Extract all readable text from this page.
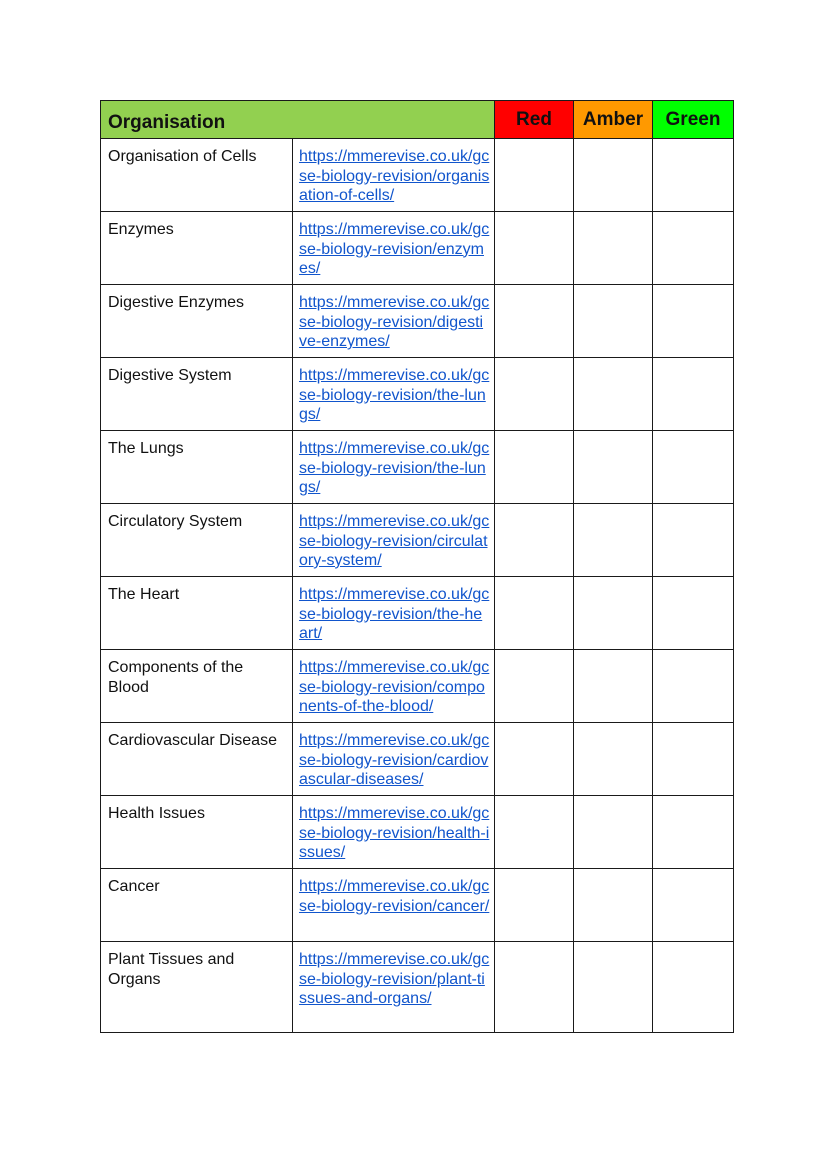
Organisation		Red	Amber	Green
Organisation of Cells	https://mmerevise.co.uk/gcse-biology-revision/organisation-of-cells/			

Enzymes	https://mmerevise.co.uk/gcse-biology-revision/enzymes/			

Digestive Enzymes	https://mmerevise.co.uk/gcse-biology-revision/digestive-enzymes/			

Digestive System	https://mmerevise.co.uk/gcse-biology-revision/the-lungs/			

The Lungs	https://mmerevise.co.uk/gcse-biology-revision/the-lungs/			

Circulatory System	https://mmerevise.co.uk/gcse-biology-revision/circulatory-system/			

The Heart	https://mmerevise.co.uk/gcse-biology-revision/the-heart/			

Components of the Blood	https://mmerevise.co.uk/gcse-biology-revision/components-of-the-blood/			

Cardiovascular Disease	https://mmerevise.co.uk/gcse-biology-revision/cardiovascular-diseases/			

Health Issues	https://mmerevise.co.uk/gcse-biology-revision/health-issues/			

Cancer	https://mmerevise.co.uk/gcse-biology-revision/cancer/			

Plant Tissues and Organs	https://mmerevise.co.uk/gcse-biology-revision/plant-tissues-and-organs/			
